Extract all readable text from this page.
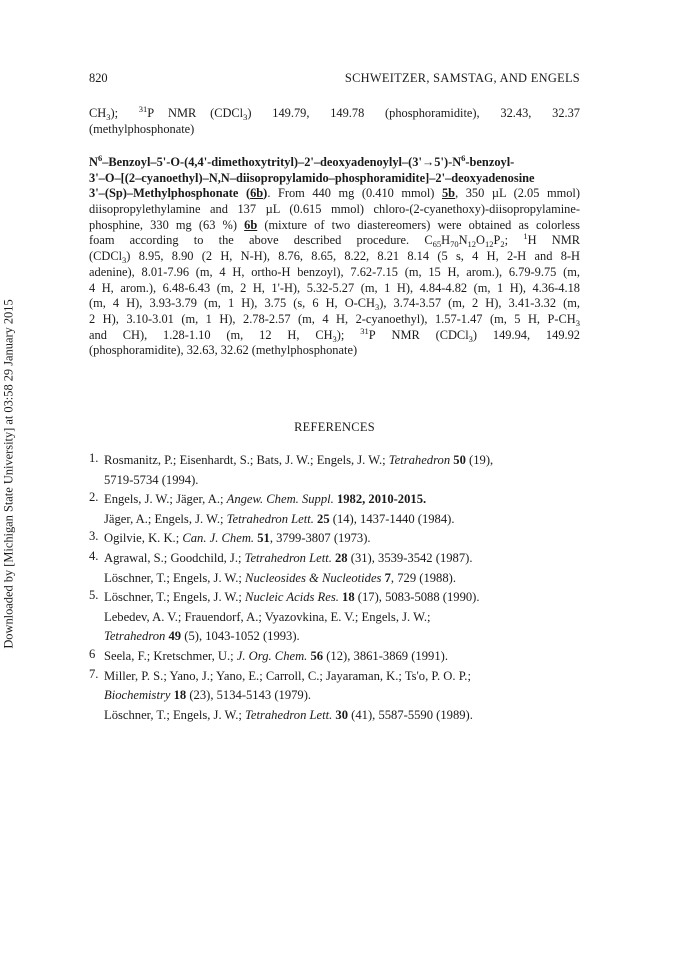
Downloaded by [Michigan State University] at 03:58 29 January 2015
820	SCHWEITZER, SAMSTAG, AND ENGELS
$CH_3$);   $^{31}$P  NMR  (CDCl$_3$)   149.79,   149.78   (phosphoramidite),   32.43,   32.37
(methylphosphonate)
$N^6-Benzoyl-5'-O-(4,4'-dimethoxytrityl)-2'-deoxyadenoylyl-(3'\to 5')-N^6-benzoyl-$
3'–O–[(2–cyanoethyl)–N,N–diisopropylamido–phosphoramidite]–2'–deoxyadenosine
3'–(Sp)–Methylphosphonate (6b). From 440 mg (0.410 mmol) 5b, 350 µL (2.05 mmol)
diisopropylethylamine and 137 µL (0.615 mmol) chloro-(2-cyanethoxy)-diisopropylamine-
phosphine, 330 mg (63 %) 6b (mixture of two diastereomers) were obtained as colorless
foam according to the above described procedure. $C_{65}H_{70}N_{12}O_{12}P_2$; $^1$H NMR
(CDCl$_3$) 8.95, 8.90 (2 H, N-H), 8.76, 8.65, 8.22, 8.21 8.14 (5 s, 4 H, 2-H and 8-H
adenine), 8.01-7.96 (m, 4 H, ortho-H benzoyl), 7.62-7.15 (m, 15 H, arom.), 6.79-9.75 (m,
4 H, arom.), 6.48-6.43 (m, 2 H, 1'-H), 5.32-5.27 (m, 1 H), 4.84-4.82 (m, 1 H), 4.36-4.18
(m, 4 H), 3.93-3.79 (m, 1 H), 3.75 (s, 6 H, $O-CH_3$), 3.74-3.57 (m, 2 H), 3.41-3.32 (m,
2 H), 3.10-3.01 (m, 1 H), 2.78-2.57 (m, 4 H, 2-cyanoethyl), 1.57-1.47 (m, 5 H, $P-CH_3$
and  CH),  1.28-1.10  (m,  12  H,  $CH_3$);  $^{31}$P  NMR  (CDCl$_3$)  149.94,  149.92
(phosphoramidite), 32.63, 32.62 (methylphosphonate)
REFERENCES
1. Rosmanitz, P.; Eisenhardt, S.; Bats, J. W.; Engels, J. W.; Tetrahedron 50 (19),
5719-5734 (1994).
2. Engels, J. W.; Jäger, A.; Angew. Chem. Suppl. 1982, 2010-2015.
Jäger, A.; Engels, J. W.; Tetrahedron Lett. 25 (14), 1437-1440 (1984).
3. Ogilvie, K. K.; Can. J. Chem. 51, 3799-3807 (1973).
4. Agrawal, S.; Goodchild, J.; Tetrahedron Lett. 28 (31), 3539-3542 (1987).
Löschner, T.; Engels, J. W.; Nucleosides & Nucleotides 7, 729 (1988).
5. Löschner, T.; Engels, J. W.; Nucleic Acids Res. 18 (17), 5083-5088 (1990).
Lebedev, A. V.; Frauendorf, A.; Vyazovkina, E. V.; Engels, J. W.;
Tetrahedron 49 (5), 1043-1052 (1993).
6 Seela, F.; Kretschmer, U.; J. Org. Chem. 56 (12), 3861-3869 (1991).
7. Miller, P. S.; Yano, J.; Yano, E.; Carroll, C.; Jayaraman, K.; Ts'o, P. O. P.;
Biochemistry 18 (23), 5134-5143 (1979).
Löschner, T.; Engels, J. W.; Tetrahedron Lett. 30 (41), 5587-5590 (1989).
